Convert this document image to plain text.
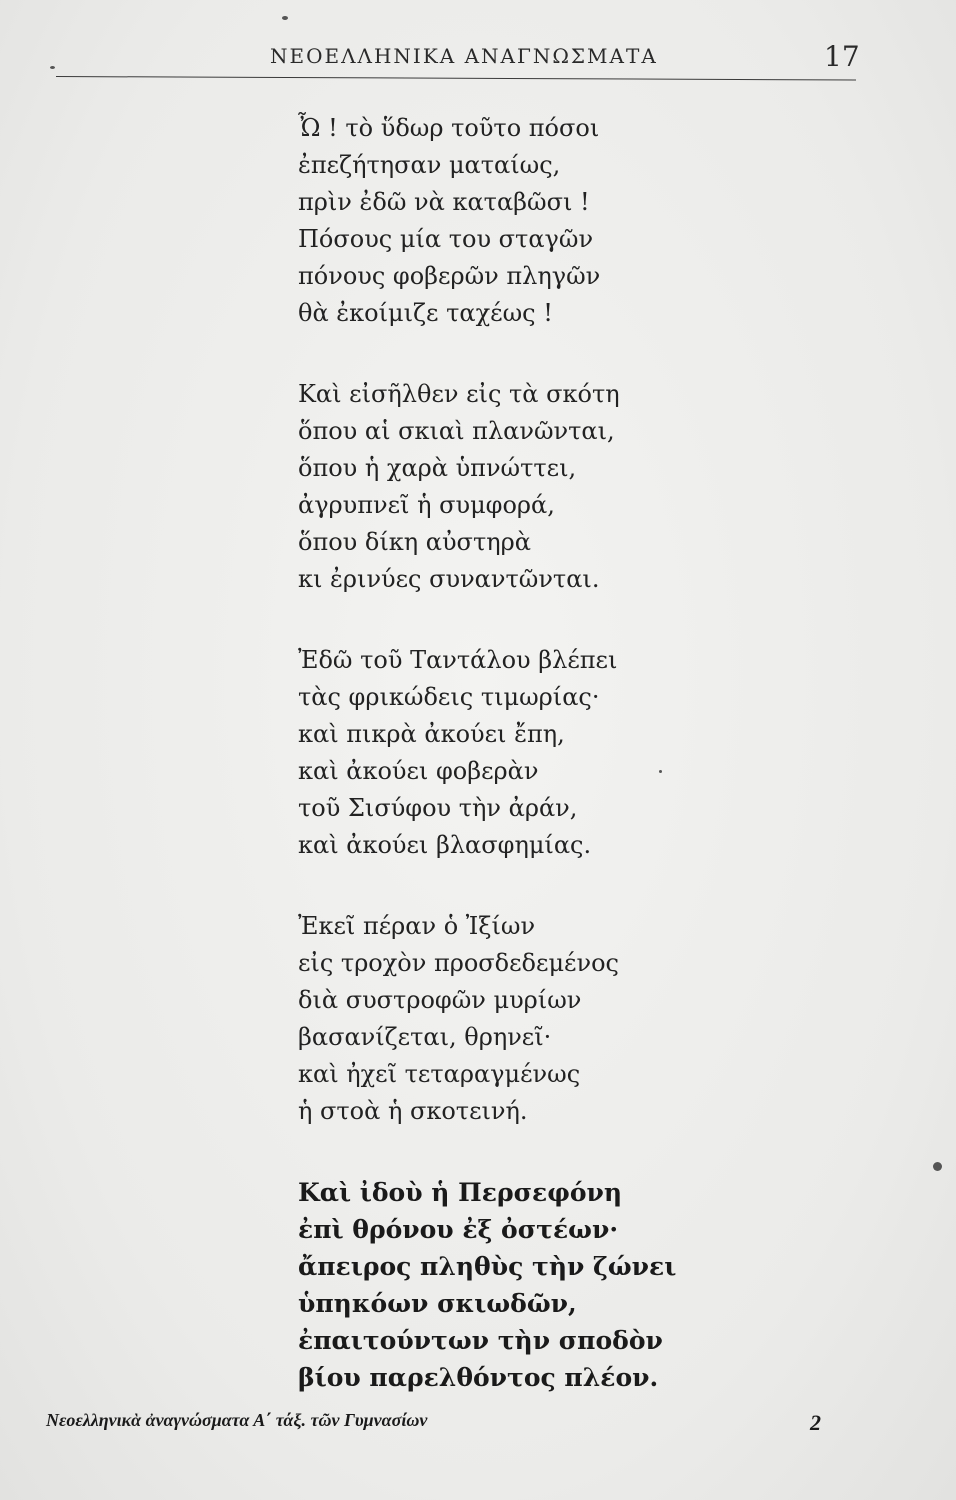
ΝΕΟΕΛΛΗΝΙΚΑ ΑΝΑΓΝΩΣΜΑΤΑ	17
Ὦ ! τὸ ὕδωρ τοῦτο πόσοι
ἐπεζήτησαν ματαίως,
πρὶν ἐδῶ νὰ καταβῶσι !
Πόσους μία του σταγῶν
πόνους φοβερῶν πληγῶν
θὰ ἐκοίμιζε ταχέως !
Καὶ εἰσῆλθεν εἰς τὰ σκότη
ὅπου αἱ σκιαὶ πλανῶνται,
ὅπου ἡ χαρὰ ὑπνώττει,
ἀγρυπνεῖ ἡ συμφορά,
ὅπου δίκη αὐστηρὰ
κι ἐρινύες συναντῶνται.
Ἐδῶ τοῦ Ταντάλου βλέπει
τὰς φρικώδεις τιμωρίας·
καὶ πικρὰ ἀκούει ἔπη,
καὶ ἀκούει φοβερὰν
τοῦ Σισύφου τὴν ἀράν,
καὶ ἀκούει βλασφημίας.
Ἐκεῖ πέραν ὁ Ἰξίων
εἰς τροχὸν προσδεδεμένος
διὰ συστροφῶν μυρίων
βασανίζεται, θρηνεῖ·
καὶ ἠχεῖ τεταραγμένως
ἡ στοὰ ἡ σκοτεινή.
Καὶ ἰδοὺ ἡ Περσεφόνη
ἐπὶ θρόνου ἐξ ὀστέων·
ἄπειρος πληθὺς τὴν ζώνει
ὑπηκόων σκιωδῶν,
ἐπαιτούντων τὴν σποδὸν
βίου παρελθόντος πλέον.
Νεοελληνικὰ ἀναγνώσματα Α΄ τάξ. τῶν Γυμνασίων	2
